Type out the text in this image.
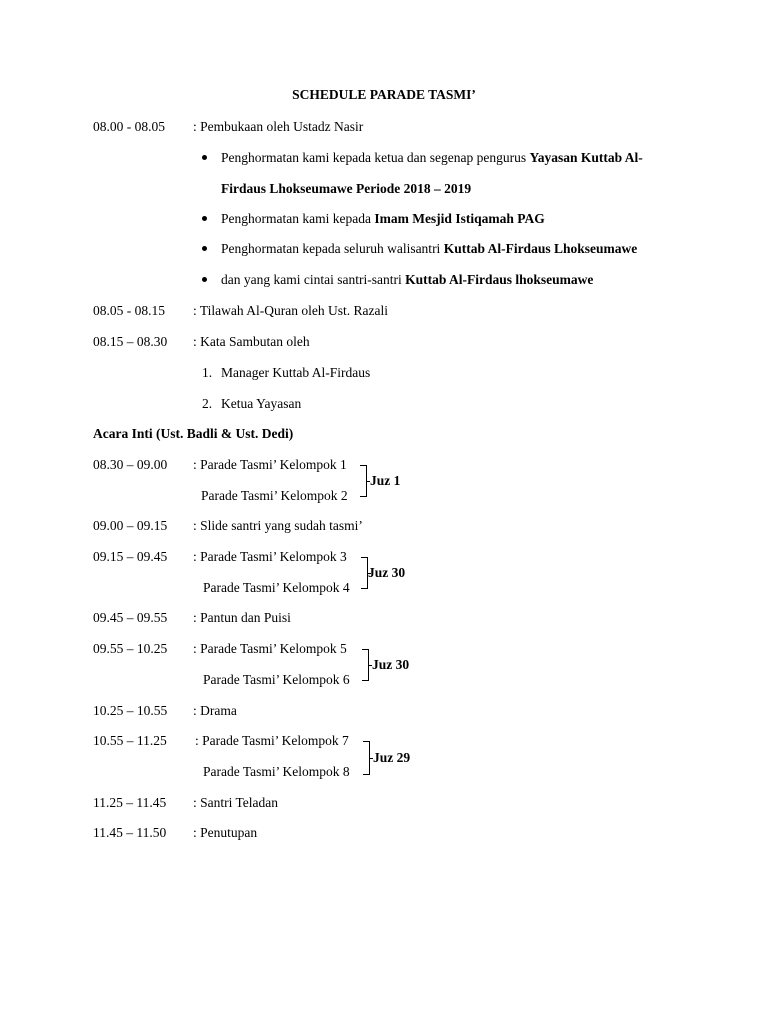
SCHEDULE PARADE TASMI’
08.00 - 08.05 : Pembukaan oleh Ustadz Nasir
Penghormatan kami kepada ketua dan segenap pengurus Yayasan Kuttab Al-
Firdaus Lhokseumawe Periode 2018 – 2019
Penghormatan kami kepada Imam Mesjid Istiqamah PAG
Penghormatan kepada seluruh walisantri Kuttab Al-Firdaus Lhokseumawe
dan yang kami cintai santri-santri Kuttab Al-Firdaus lhokseumawe
08.05 - 08.15 : Tilawah Al-Quran oleh Ust. Razali
08.15 – 08.30 : Kata Sambutan oleh
1. Manager Kuttab Al-Firdaus
2. Ketua Yayasan
Acara Inti (Ust. Badli & Ust. Dedi)
08.30 – 09.00 : Parade Tasmi’ Kelompok 1
Parade Tasmi’ Kelompok 2
Juz 1
09.00 – 09.15 : Slide santri yang sudah tasmi’
09.15 – 09.45 : Parade Tasmi’ Kelompok 3
Parade Tasmi’ Kelompok 4
Juz 30
09.45 – 09.55 : Pantun dan Puisi
09.55 – 10.25 : Parade Tasmi’ Kelompok 5
Parade Tasmi’ Kelompok 6
Juz 30
10.25 – 10.55 : Drama
10.55 – 11.25 : Parade Tasmi’ Kelompok 7
Parade Tasmi’ Kelompok 8
Juz 29
11.25 – 11.45 : Santri Teladan
11.45 – 11.50 : Penutupan
